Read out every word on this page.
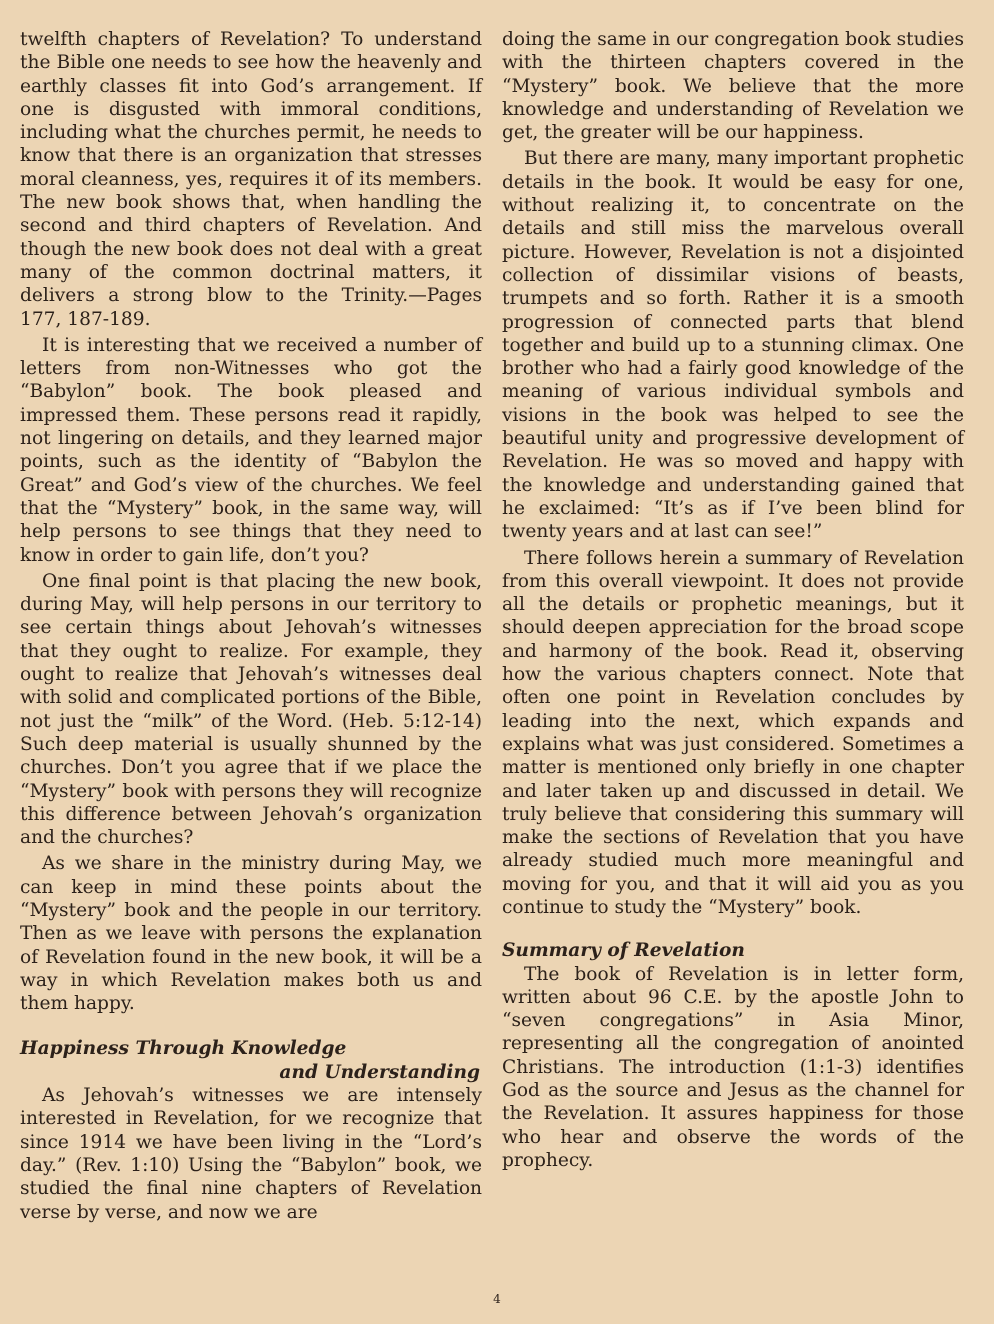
twelfth chapters of Revelation? To understand the Bible one needs to see how the heavenly and earthly classes fit into God’s arrangement. If one is disgusted with immoral conditions, including what the churches permit, he needs to know that there is an organization that stresses moral cleanness, yes, requires it of its members. The new book shows that, when handling the second and third chapters of Revelation. And though the new book does not deal with a great many of the common doctrinal matters, it delivers a strong blow to the Trinity.—Pages 177, 187-189.

It is interesting that we received a number of letters from non-Witnesses who got the “Babylon” book. The book pleased and impressed them. These persons read it rapidly, not lingering on details, and they learned major points, such as the identity of “Babylon the Great” and God’s view of the churches. We feel that the “Mystery” book, in the same way, will help persons to see things that they need to know in order to gain life, don’t you?

One final point is that placing the new book, during May, will help persons in our territory to see certain things about Jehovah’s witnesses that they ought to realize. For example, they ought to realize that Jehovah’s witnesses deal with solid and complicated portions of the Bible, not just the “milk” of the Word. (Heb. 5:12-14) Such deep material is usually shunned by the churches. Don’t you agree that if we place the “Mystery” book with persons they will recognize this difference between Jehovah’s organization and the churches?

As we share in the ministry during May, we can keep in mind these points about the “Mystery” book and the people in our territory. Then as we leave with persons the explanation of Revelation found in the new book, it will be a way in which Revelation makes both us and them happy.

Happiness Through Knowledge
and Understanding

As Jehovah’s witnesses we are intensely interested in Revelation, for we recognize that since 1914 we have been living in the “Lord’s day.” (Rev. 1:10) Using the “Babylon” book, we studied the final nine chapters of Revelation verse by verse, and now we are

doing the same in our congregation book studies with the thirteen chapters covered in the “Mystery” book. We believe that the more knowledge and understanding of Revelation we get, the greater will be our happiness.

But there are many, many important prophetic details in the book. It would be easy for one, without realizing it, to concentrate on the details and still miss the marvelous overall picture. However, Revelation is not a disjointed collection of dissimilar visions of beasts, trumpets and so forth. Rather it is a smooth progression of connected parts that blend together and build up to a stunning climax. One brother who had a fairly good knowledge of the meaning of various individual symbols and visions in the book was helped to see the beautiful unity and progressive development of Revelation. He was so moved and happy with the knowledge and understanding gained that he exclaimed: “It’s as if I’ve been blind for twenty years and at last can see!”

There follows herein a summary of Revelation from this overall viewpoint. It does not provide all the details or prophetic meanings, but it should deepen appreciation for the broad scope and harmony of the book. Read it, observing how the various chapters connect. Note that often one point in Revelation concludes by leading into the next, which expands and explains what was just considered. Sometimes a matter is mentioned only briefly in one chapter and later taken up and discussed in detail. We truly believe that considering this summary will make the sections of Revelation that you have already studied much more meaningful and moving for you, and that it will aid you as you continue to study the “Mystery” book.

Summary of Revelation

The book of Revelation is in letter form, written about 96 C.E. by the apostle John to “seven congregations” in Asia Minor, representing all the congregation of anointed Christians. The introduction (1:1-3) identifies God as the source and Jesus as the channel for the Revelation. It assures happiness for those who hear and observe the words of the prophecy.

4
